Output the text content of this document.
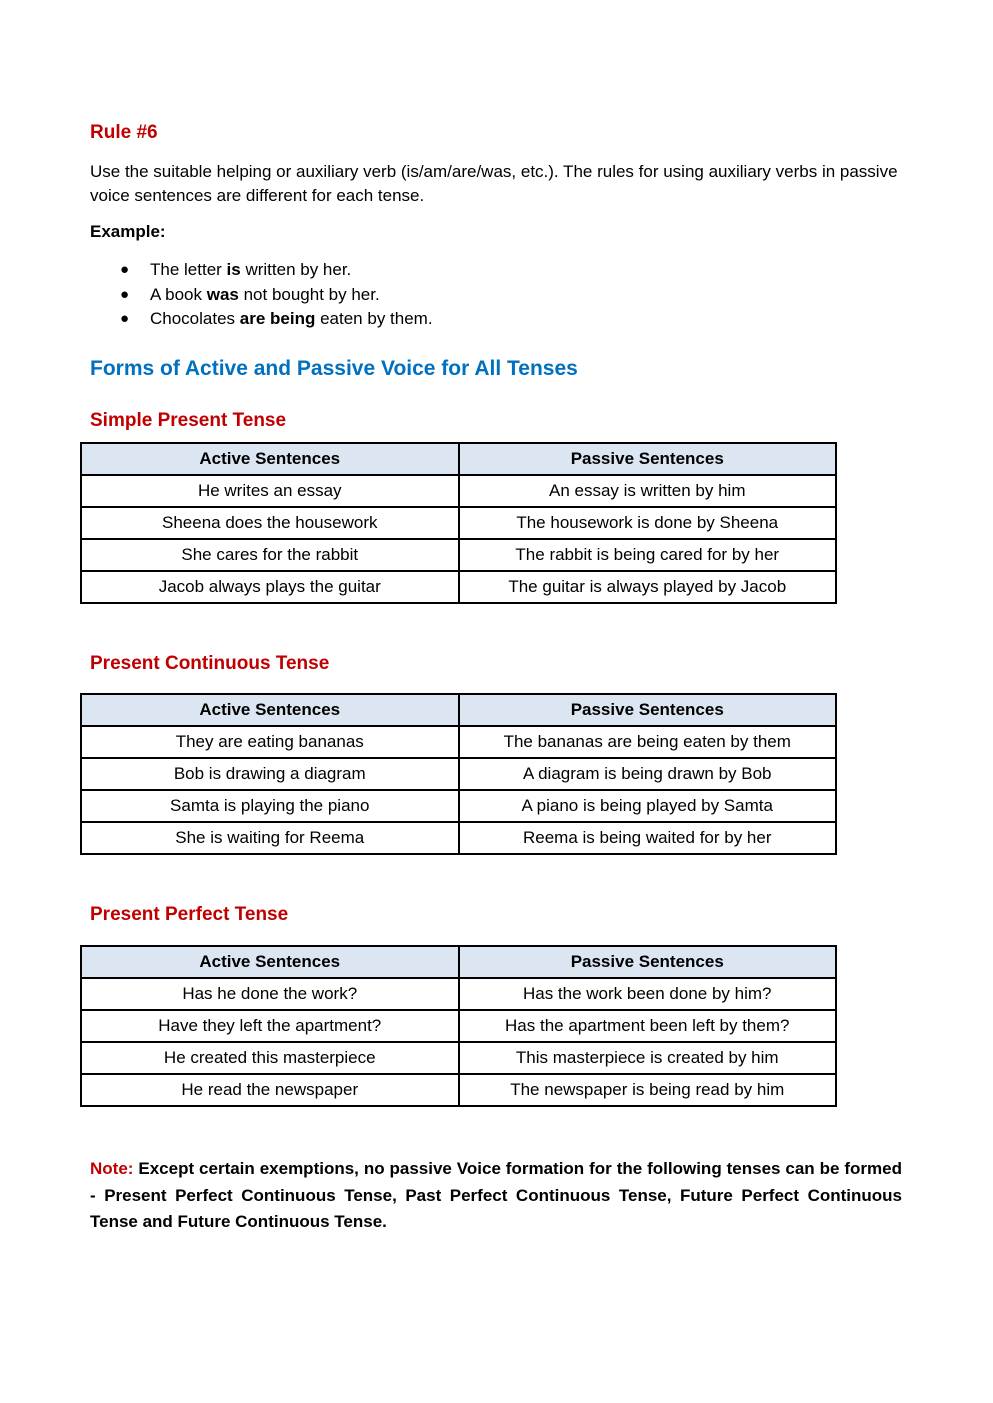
Rule #6

Use the suitable helping or auxiliary verb (is/am/are/was, etc.). The rules for using auxiliary verbs in passive voice sentences are different for each tense.

Example:

● The letter is written by her.
● A book was not bought by her.
● Chocolates are being eaten by them.
Forms of Active and Passive Voice for All Tenses
Simple Present Tense
Active Sentences	Passive Sentences
He writes an essay	An essay is written by him
Sheena does the housework	The housework is done by Sheena
She cares for the rabbit	The rabbit is being cared for by her
Jacob always plays the guitar	The guitar is always played by Jacob
Present Continuous Tense
Active Sentences	Passive Sentences
They are eating bananas	The bananas are being eaten by them
Bob is drawing a diagram	A diagram is being drawn by Bob
Samta is playing the piano	A piano is being played by Samta
She is waiting for Reema	Reema is being waited for by her
Present Perfect Tense
Active Sentences	Passive Sentences
Has he done the work?	Has the work been done by him?
Have they left the apartment?	Has the apartment been left by them?
He created this masterpiece	This masterpiece is created by him
He read the newspaper	The newspaper is being read by him

Note: Except certain exemptions, no passive Voice formation for the following tenses can be formed - Present Perfect Continuous Tense, Past Perfect Continuous Tense, Future Perfect Continuous Tense and Future Continuous Tense.
